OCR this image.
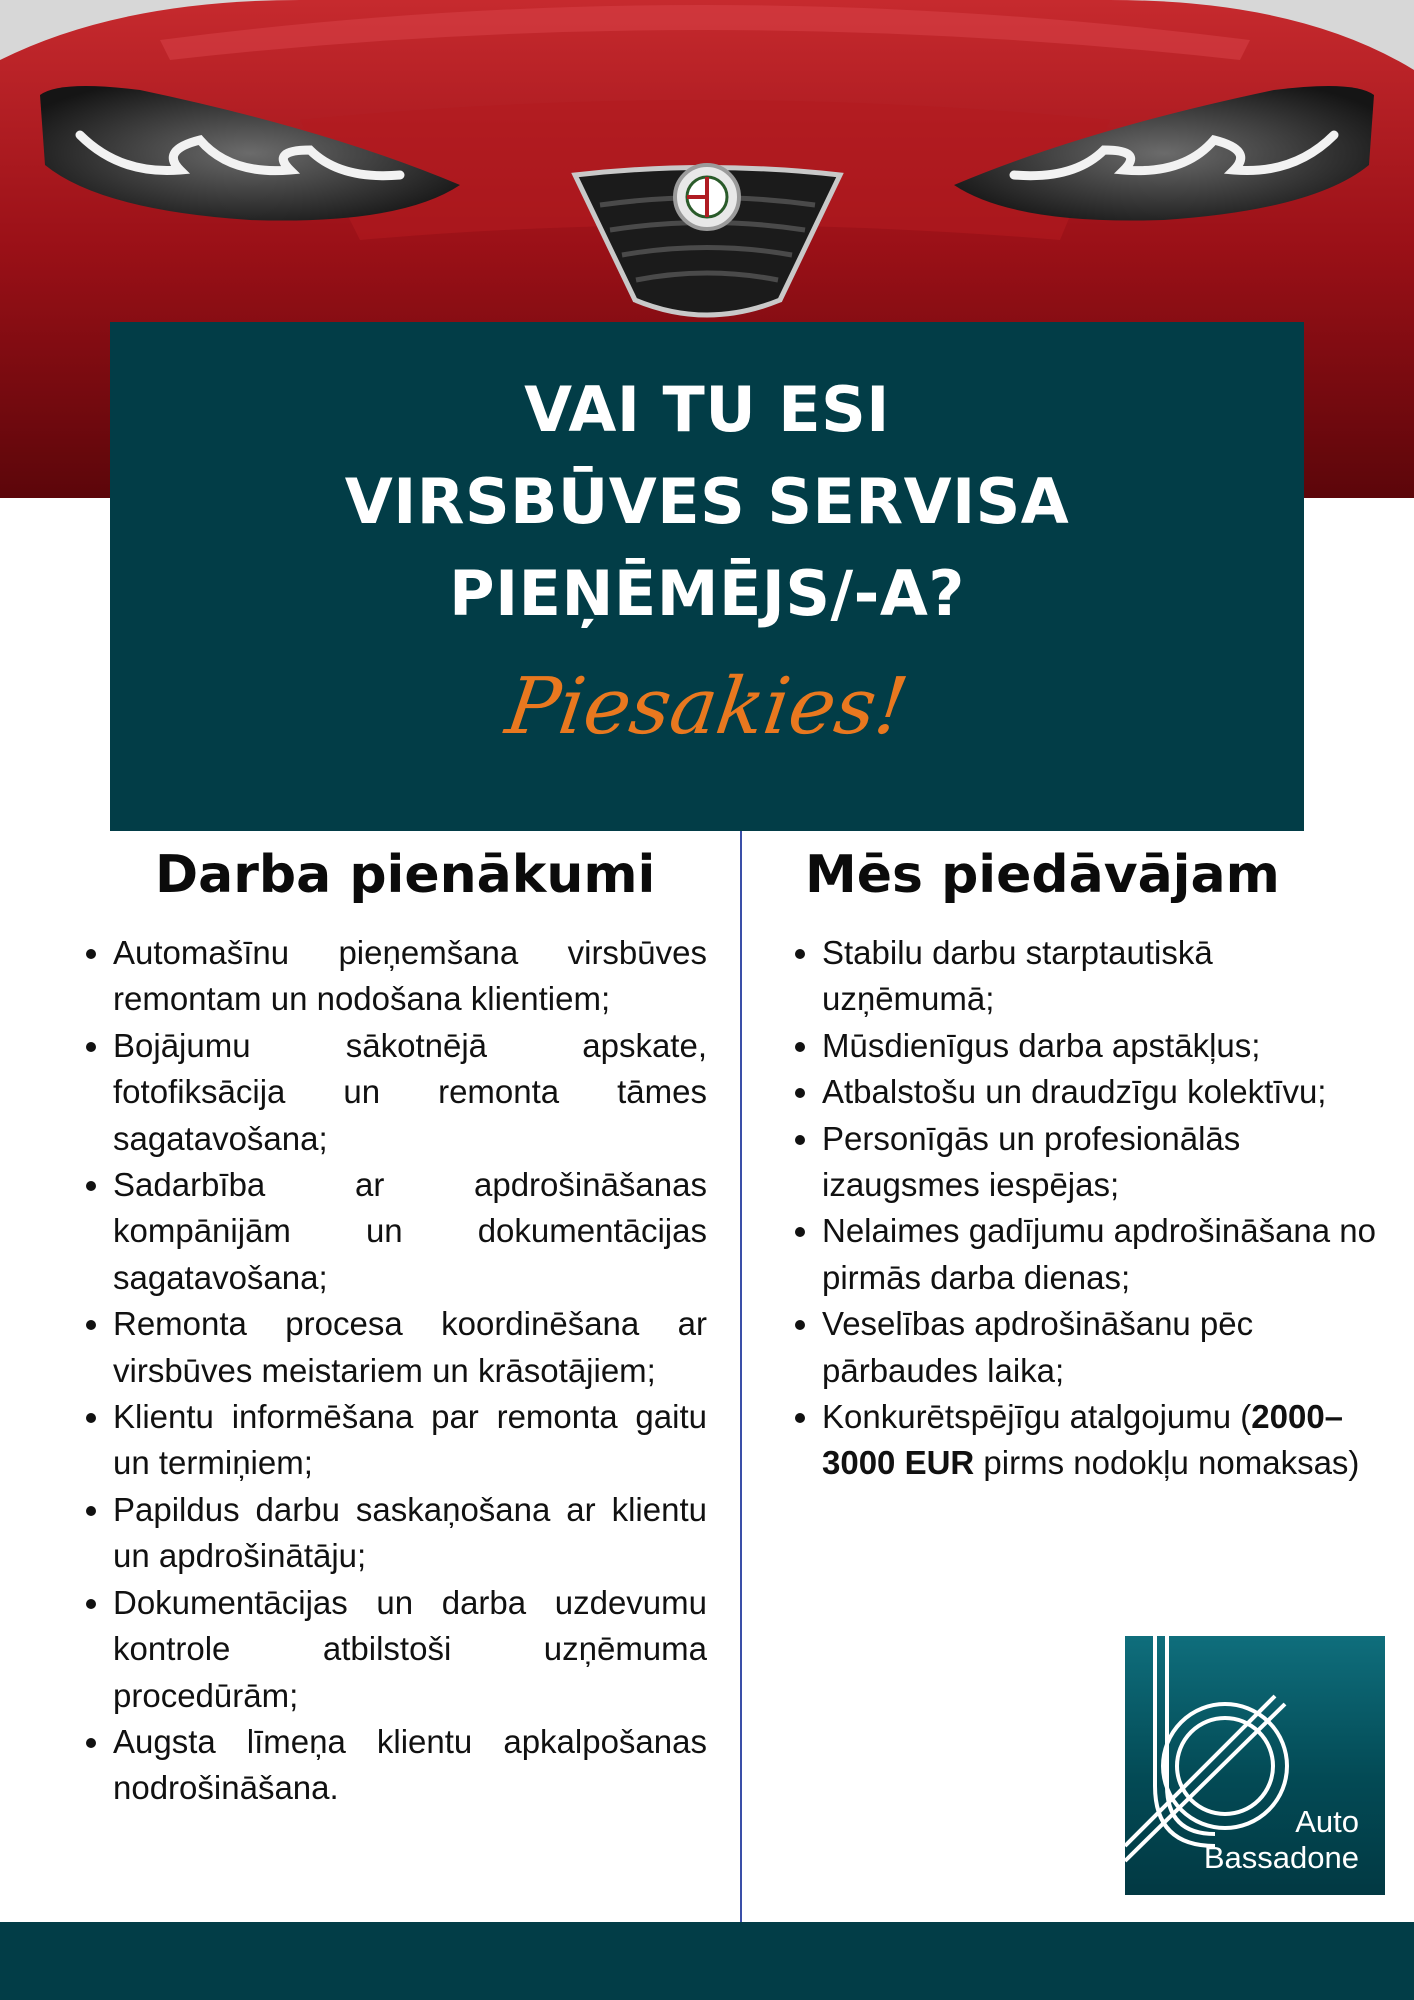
VAI TU ESI
VIRSBŪVES SERVISA
PIEŅĒMĒJS/-A?
Piesakies!
Darba pienākumi
• Automašīnu pieņemšana virsbūves remontam un nodošana klientiem;
• Bojājumu sākotnējā apskate, fotofiksācija un remonta tāmes sagatavošana;
• Sadarbība ar apdrošināšanas kompānijām un dokumentācijas sagatavošana;
• Remonta procesa koordinēšana ar virsbūves meistariem un krāsotājiem;
• Klientu informēšana par remonta gaitu un termiņiem;
• Papildus darbu saskaņošana ar klientu un apdrošinātāju;
• Dokumentācijas un darba uzdevumu kontrole atbilstoši uzņēmuma procedūrām;
• Augsta līmeņa klientu apkalpošanas nodrošināšana.
Mēs piedāvājam
• Stabilu darbu starptautiskā uzņēmumā;
• Mūsdienīgus darba apstākļus;
• Atbalstošu un draudzīgu kolektīvu;
• Personīgās un profesionālās izaugsmes iespējas;
• Nelaimes gadījumu apdrošināšana no pirmās darba dienas;
• Veselības apdrošināšanu pēc pārbaudes laika;
• Konkurētspējīgu atalgojumu (2000–3000 EUR pirms nodokļu nomaksas)
Auto
Bassadone
